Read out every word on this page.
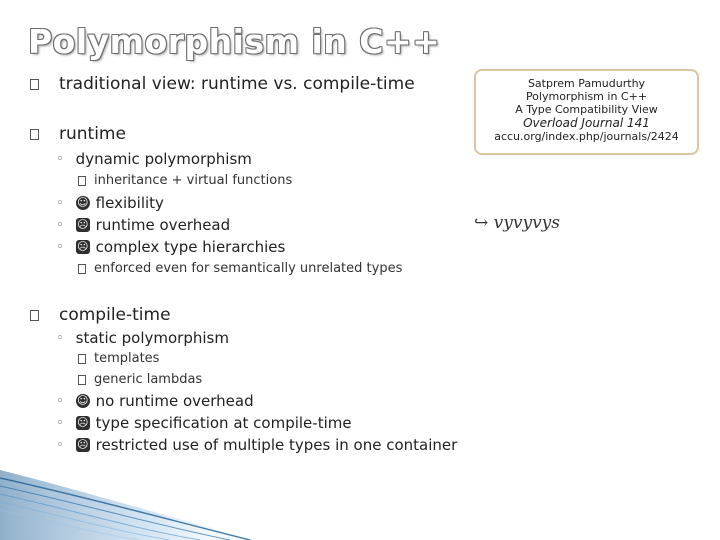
Polymorphism in C++
traditional view: runtime vs. compile-time
runtime
◦ dynamic polymorphism
inheritance + virtual functions
◦ ☺ flexibility
◦ ☹ runtime overhead
◦ ☹ complex type hierarchies
enforced even for semantically unrelated types
compile-time
◦ static polymorphism
templates
generic lambdas
◦ ☺ no runtime overhead
◦ ☹ type specification at compile-time
◦ ☹ restricted use of multiple types in one container
Satprem Pamudurthy
Polymorphism in C++
A Type Compatibility View
Overload Journal 141
accu.org/index.php/journals/2424
↪ vyvyvys
